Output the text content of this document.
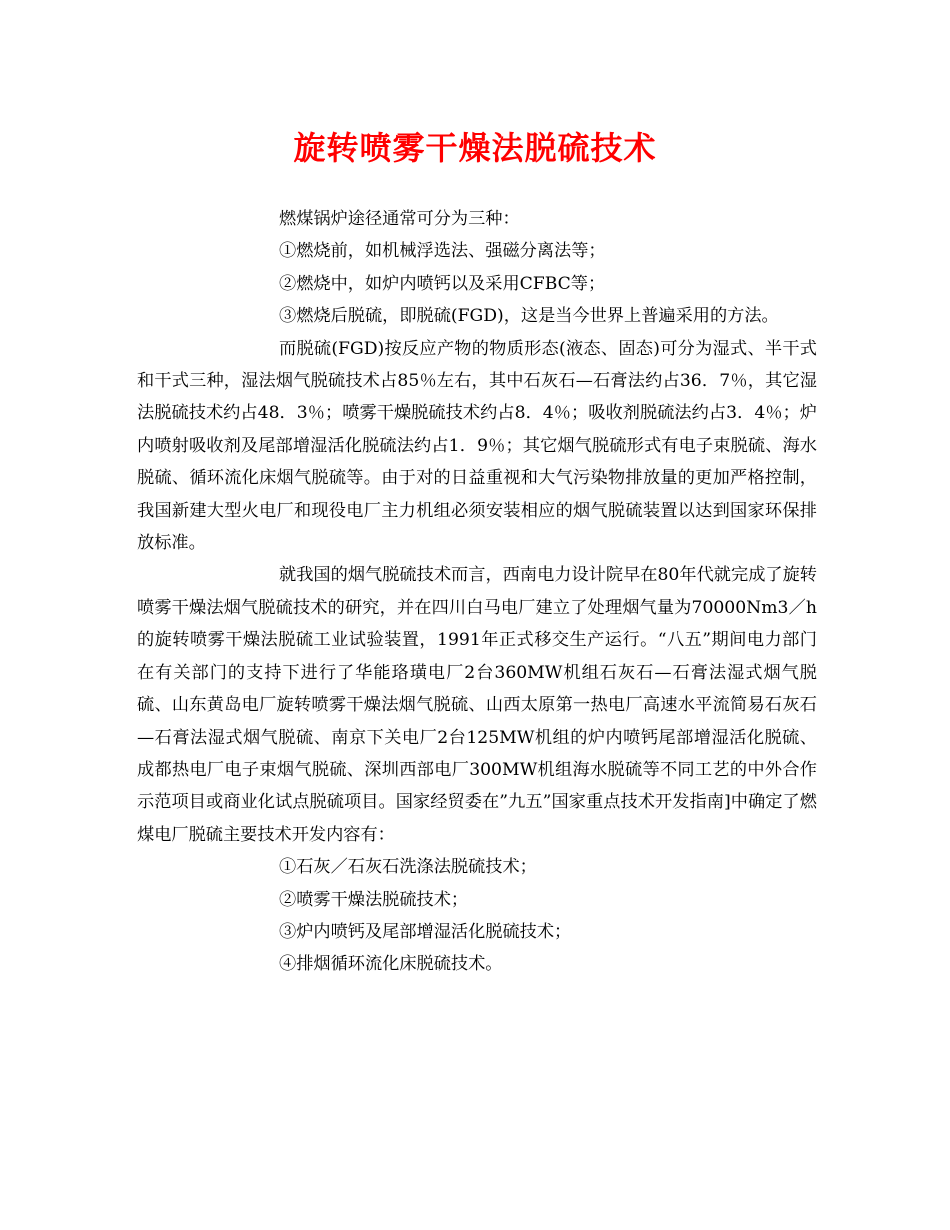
旋转喷雾干燥法脱硫技术

燃煤锅炉途径通常可分为三种：

①燃烧前，如机械浮选法、强磁分离法等；

②燃烧中，如炉内喷钙以及采用CFBC等；

③燃烧后脱硫，即脱硫(FGD)，这是当今世界上普遍采用的方法。

而脱硫(FGD)按反应产物的物质形态(液态、固态)可分为湿式、半干式和干式三种，湿法烟气脱硫技术占85％左右，其中石灰石—石膏法约占36．7％，其它湿法脱硫技术约占48．3％；喷雾干燥脱硫技术约占8．4％；吸收剂脱硫法约占3．4％；炉内喷射吸收剂及尾部增湿活化脱硫法约占1．9％；其它烟气脱硫形式有电子束脱硫、海水脱硫、循环流化床烟气脱硫等。由于对的日益重视和大气污染物排放量的更加严格控制，我国新建大型火电厂和现役电厂主力机组必须安装相应的烟气脱硫装置以达到国家环保排放标准。

就我国的烟气脱硫技术而言，西南电力设计院早在80年代就完成了旋转喷雾干燥法烟气脱硫技术的研究，并在四川白马电厂建立了处理烟气量为70000Nm3／h的旋转喷雾干燥法脱硫工业试验装置，1991年正式移交生产运行。“八五”期间电力部门在有关部门的支持下进行了华能珞璜电厂2台360MW机组石灰石—石膏法湿式烟气脱硫、山东黄岛电厂旋转喷雾干燥法烟气脱硫、山西太原第一热电厂高速水平流简易石灰石—石膏法湿式烟气脱硫、南京下关电厂2台125MW机组的炉内喷钙尾部增湿活化脱硫、成都热电厂电子束烟气脱硫、深圳西部电厂300MW机组海水脱硫等不同工艺的中外合作示范项目或商业化试点脱硫项目。国家经贸委在”九五”国家重点技术开发指南]中确定了燃煤电厂脱硫主要技术开发内容有：

①石灰／石灰石洗涤法脱硫技术；

②喷雾干燥法脱硫技术；

③炉内喷钙及尾部增湿活化脱硫技术；

④排烟循环流化床脱硫技术。
